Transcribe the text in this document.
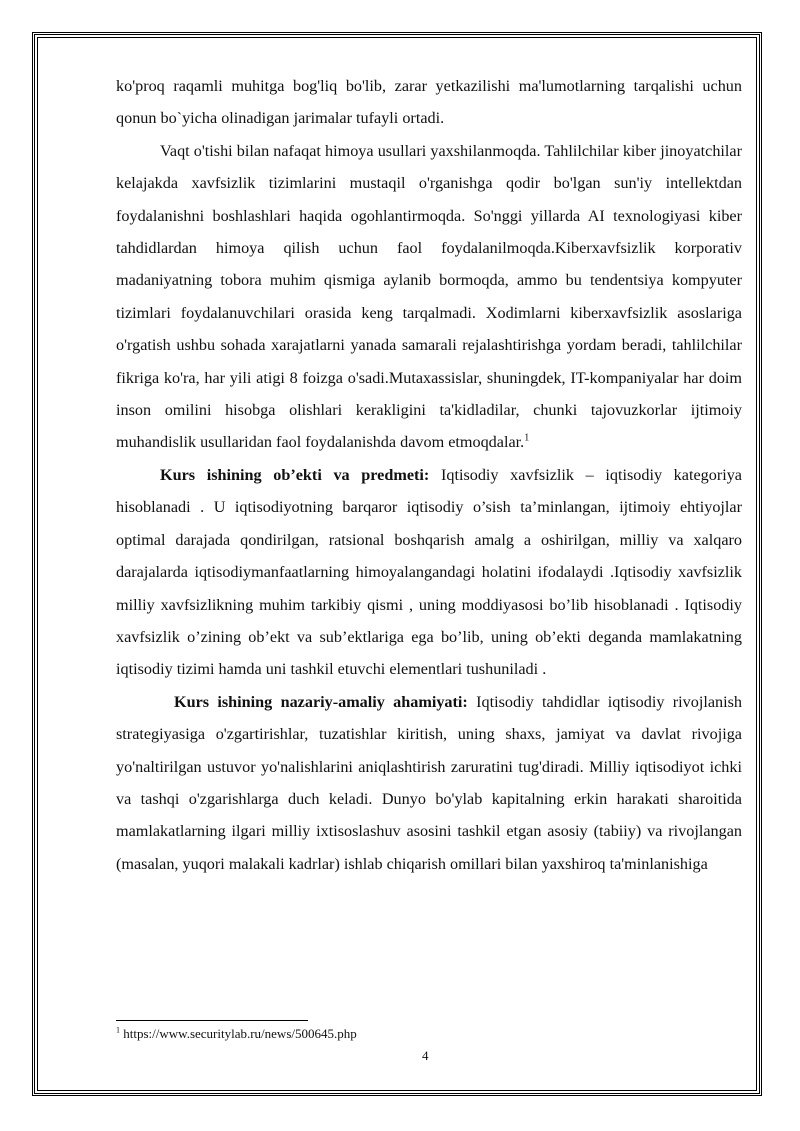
ko'proq raqamli muhitga bog'liq bo'lib, zarar yetkazilishi ma'lumotlarning tarqalishi uchun qonun bo`yicha olinadigan jarimalar tufayli ortadi.

Vaqt o'tishi bilan nafaqat himoya usullari yaxshilanmoqda. Tahlilchilar kiber jinoyatchilar kelajakda xavfsizlik tizimlarini mustaqil o'rganishga qodir bo'lgan sun'iy intellektdan foydalanishni boshlashlari haqida ogohlantirmoqda. So'nggi yillarda AI texnologiyasi kiber tahdidlardan himoya qilish uchun faol foydalanilmoqda.Kiberxavfsizlik korporativ madaniyatning tobora muhim qismiga aylanib bormoqda, ammo bu tendentsiya kompyuter tizimlari foydalanuvchilari orasida keng tarqalmadi. Xodimlarni kiberxavfsizlik asoslariga o'rgatish ushbu sohada xarajatlarni yanada samarali rejalashtirishga yordam beradi, tahlilchilar fikriga ko'ra, har yili atigi 8 foizga o'sadi.Mutaxassislar, shuningdek, IT-kompaniyalar har doim inson omilini hisobga olishlari kerakligini ta'kidladilar, chunki tajovuzkorlar ijtimoiy muhandislik usullaridan faol foydalanishda davom etmoqdalar.$^1$

Kurs ishining ob’ekti va predmeti: Iqtisodiy xavfsizlik – iqtisodiy kategoriya hisoblanadi . U iqtisodiyotning barqaror iqtisodiy o’sish ta’minlangan, ijtimoiy ehtiyojlar optimal darajada qondirilgan, ratsional boshqarish amalg a oshirilgan, milliy va xalqaro darajalarda iqtisodiymanfaatlarning himoyalangandagi holatini ifodalaydi .Iqtisodiy xavfsizlik milliy xavfsizlikning muhim tarkibiy qismi , uning moddiyasosi bo’lib hisoblanadi . Iqtisodiy xavfsizlik o’zining ob’ekt va sub’ektlariga ega bo’lib, uning ob’ekti deganda mamlakatning iqtisodiy tizimi hamda uni tashkil etuvchi elementlari tushuniladi .

Kurs ishining nazariy-amaliy ahamiyati: Iqtisodiy tahdidlar iqtisodiy rivojlanish strategiyasiga o'zgartirishlar, tuzatishlar kiritish, uning shaxs, jamiyat va davlat rivojiga yo'naltirilgan ustuvor yo'nalishlarini aniqlashtirish zaruratini tug'diradi. Milliy iqtisodiyot ichki va tashqi o'zgarishlarga duch keladi. Dunyo bo'ylab kapitalning erkin harakati sharoitida mamlakatlarning ilgari milliy ixtisoslashuv asosini tashkil etgan asosiy (tabiiy) va rivojlangan (masalan, yuqori malakali kadrlar) ishlab chiqarish omillari bilan yaxshiroq ta'minlanishiga

$^1$ https://www.securitylab.ru/news/500645.php
4
